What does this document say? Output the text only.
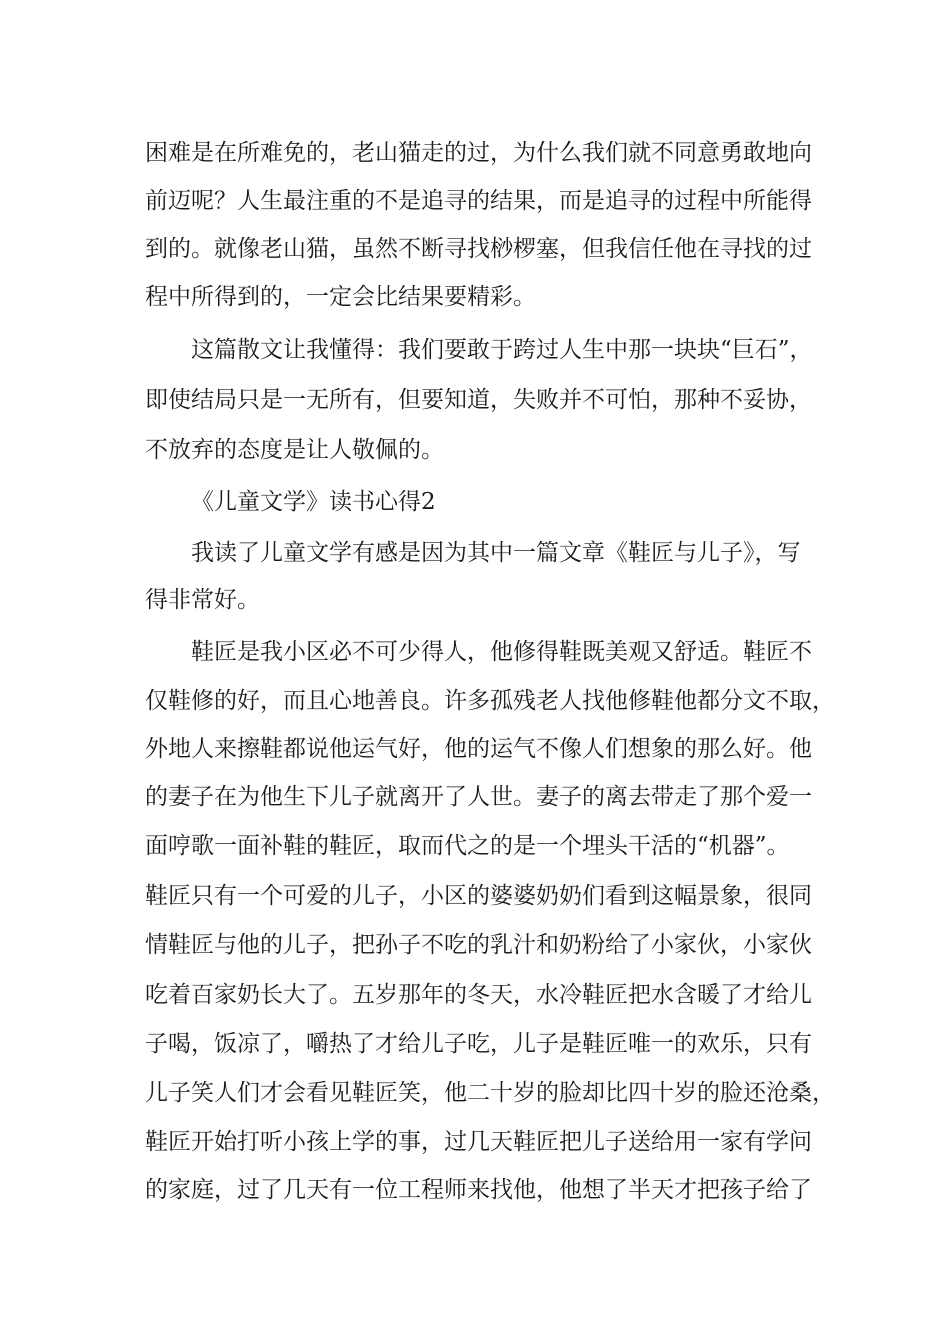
困难是在所难免的，老山猫走的过，为什么我们就不同意勇敢地向
前迈呢？人生最注重的不是追寻的结果，而是追寻的过程中所能得
到的。就像老山猫，虽然不断寻找桫椤塞，但我信任他在寻找的过
程中所得到的，一定会比结果要精彩。
这篇散文让我懂得：我们要敢于跨过人生中那一块块“巨石”，
即使结局只是一无所有，但要知道，失败并不可怕，那种不妥协，
不放弃的态度是让人敬佩的。
《儿童文学》读书心得2
我读了儿童文学有感是因为其中一篇文章《鞋匠与儿子》，写
得非常好。
鞋匠是我小区必不可少得人，他修得鞋既美观又舒适。鞋匠不
仅鞋修的好，而且心地善良。许多孤残老人找他修鞋他都分文不取，
外地人来擦鞋都说他运气好，他的运气不像人们想象的那么好。他
的妻子在为他生下儿子就离开了人世。妻子的离去带走了那个爱一
面哼歌一面补鞋的鞋匠，取而代之的是一个埋头干活的“机器”。
鞋匠只有一个可爱的儿子，小区的婆婆奶奶们看到这幅景象，很同
情鞋匠与他的儿子，把孙子不吃的乳汁和奶粉给了小家伙，小家伙
吃着百家奶长大了。五岁那年的冬天，水冷鞋匠把水含暖了才给儿
子喝，饭凉了，嚼热了才给儿子吃，儿子是鞋匠唯一的欢乐，只有
儿子笑人们才会看见鞋匠笑，他二十岁的脸却比四十岁的脸还沧桑，
鞋匠开始打听小孩上学的事，过几天鞋匠把儿子送给用一家有学问
的家庭，过了几天有一位工程师来找他，他想了半天才把孩子给了
